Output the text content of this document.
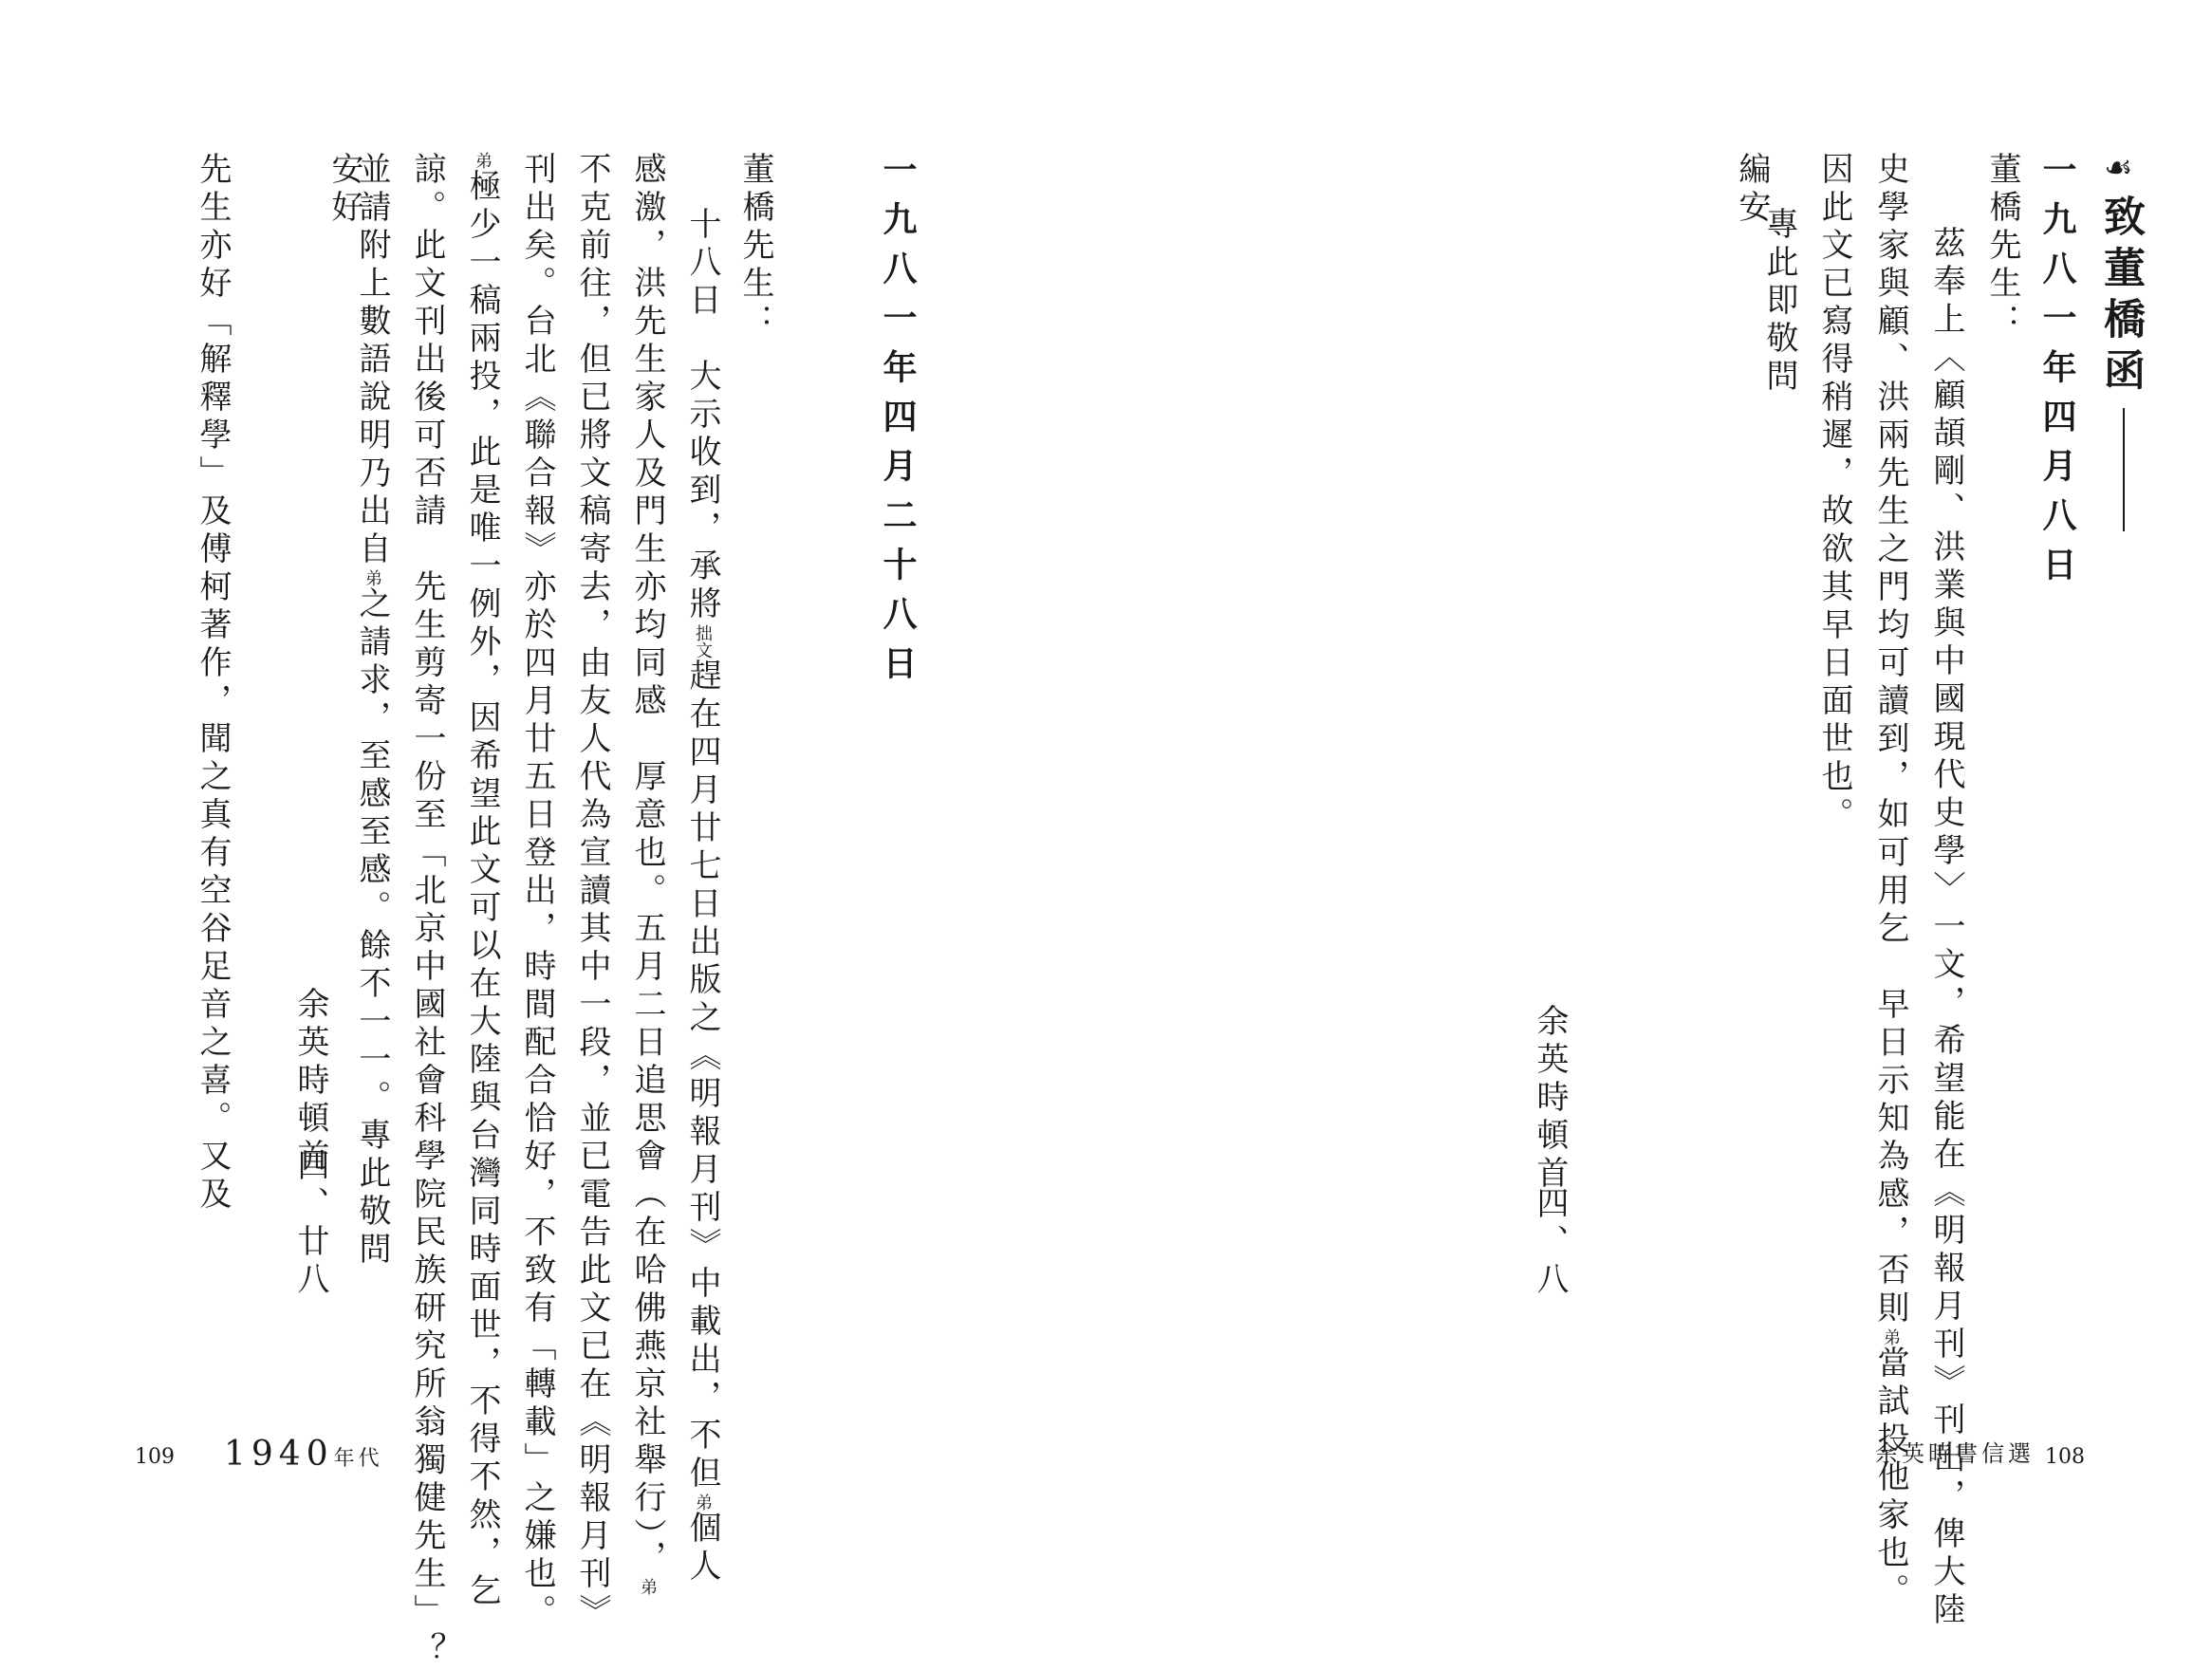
☙
致董橋函
一九八一年四月八日
董橋先生：
茲奉上〈顧頡剛、洪業與中國現代史學〉一文，希望能在《明報月刊》刊出，俾大陸
史學家與顧、洪兩先生之門均可讀到，如可用乞　早日示知為感，否則弟當試投他家也。
因此文已寫得稍遲，故欲其早日面世也。
專此即敬問
編安
余英時頓首
四、八
余英時書信選 108
一九八一年四月二十八日
董橋先生：
十八日　大示收到，承將拙文趕在四月廿七日出版之《明報月刊》中載出，不但弟個人
感激，洪先生家人及門生亦均同感　厚意也。五月二日追思會（在哈佛燕京社舉行），弟
不克前往，但已將文稿寄去，由友人代為宣讀其中一段，並已電告此文已在《明報月刊》
刊出矣。台北《聯合報》亦於四月廿五日登出，時間配合恰好，不致有「轉載」之嫌也。
弟極少一稿兩投，此是唯一例外，因希望此文可以在大陸與台灣同時面世，不得不然，乞
諒。此文刊出後可否請　先生剪寄一份至「北京中國社會科學院民族研究所翁獨健先生」？
並請附上數語說明乃出自弟之請求，至感至感。餘不一一。專此敬問
安好
余英時頓首
四、廿八
先生亦好「解釋學」及傅柯著作，聞之真有空谷足音之喜。又及
109 1940年代
